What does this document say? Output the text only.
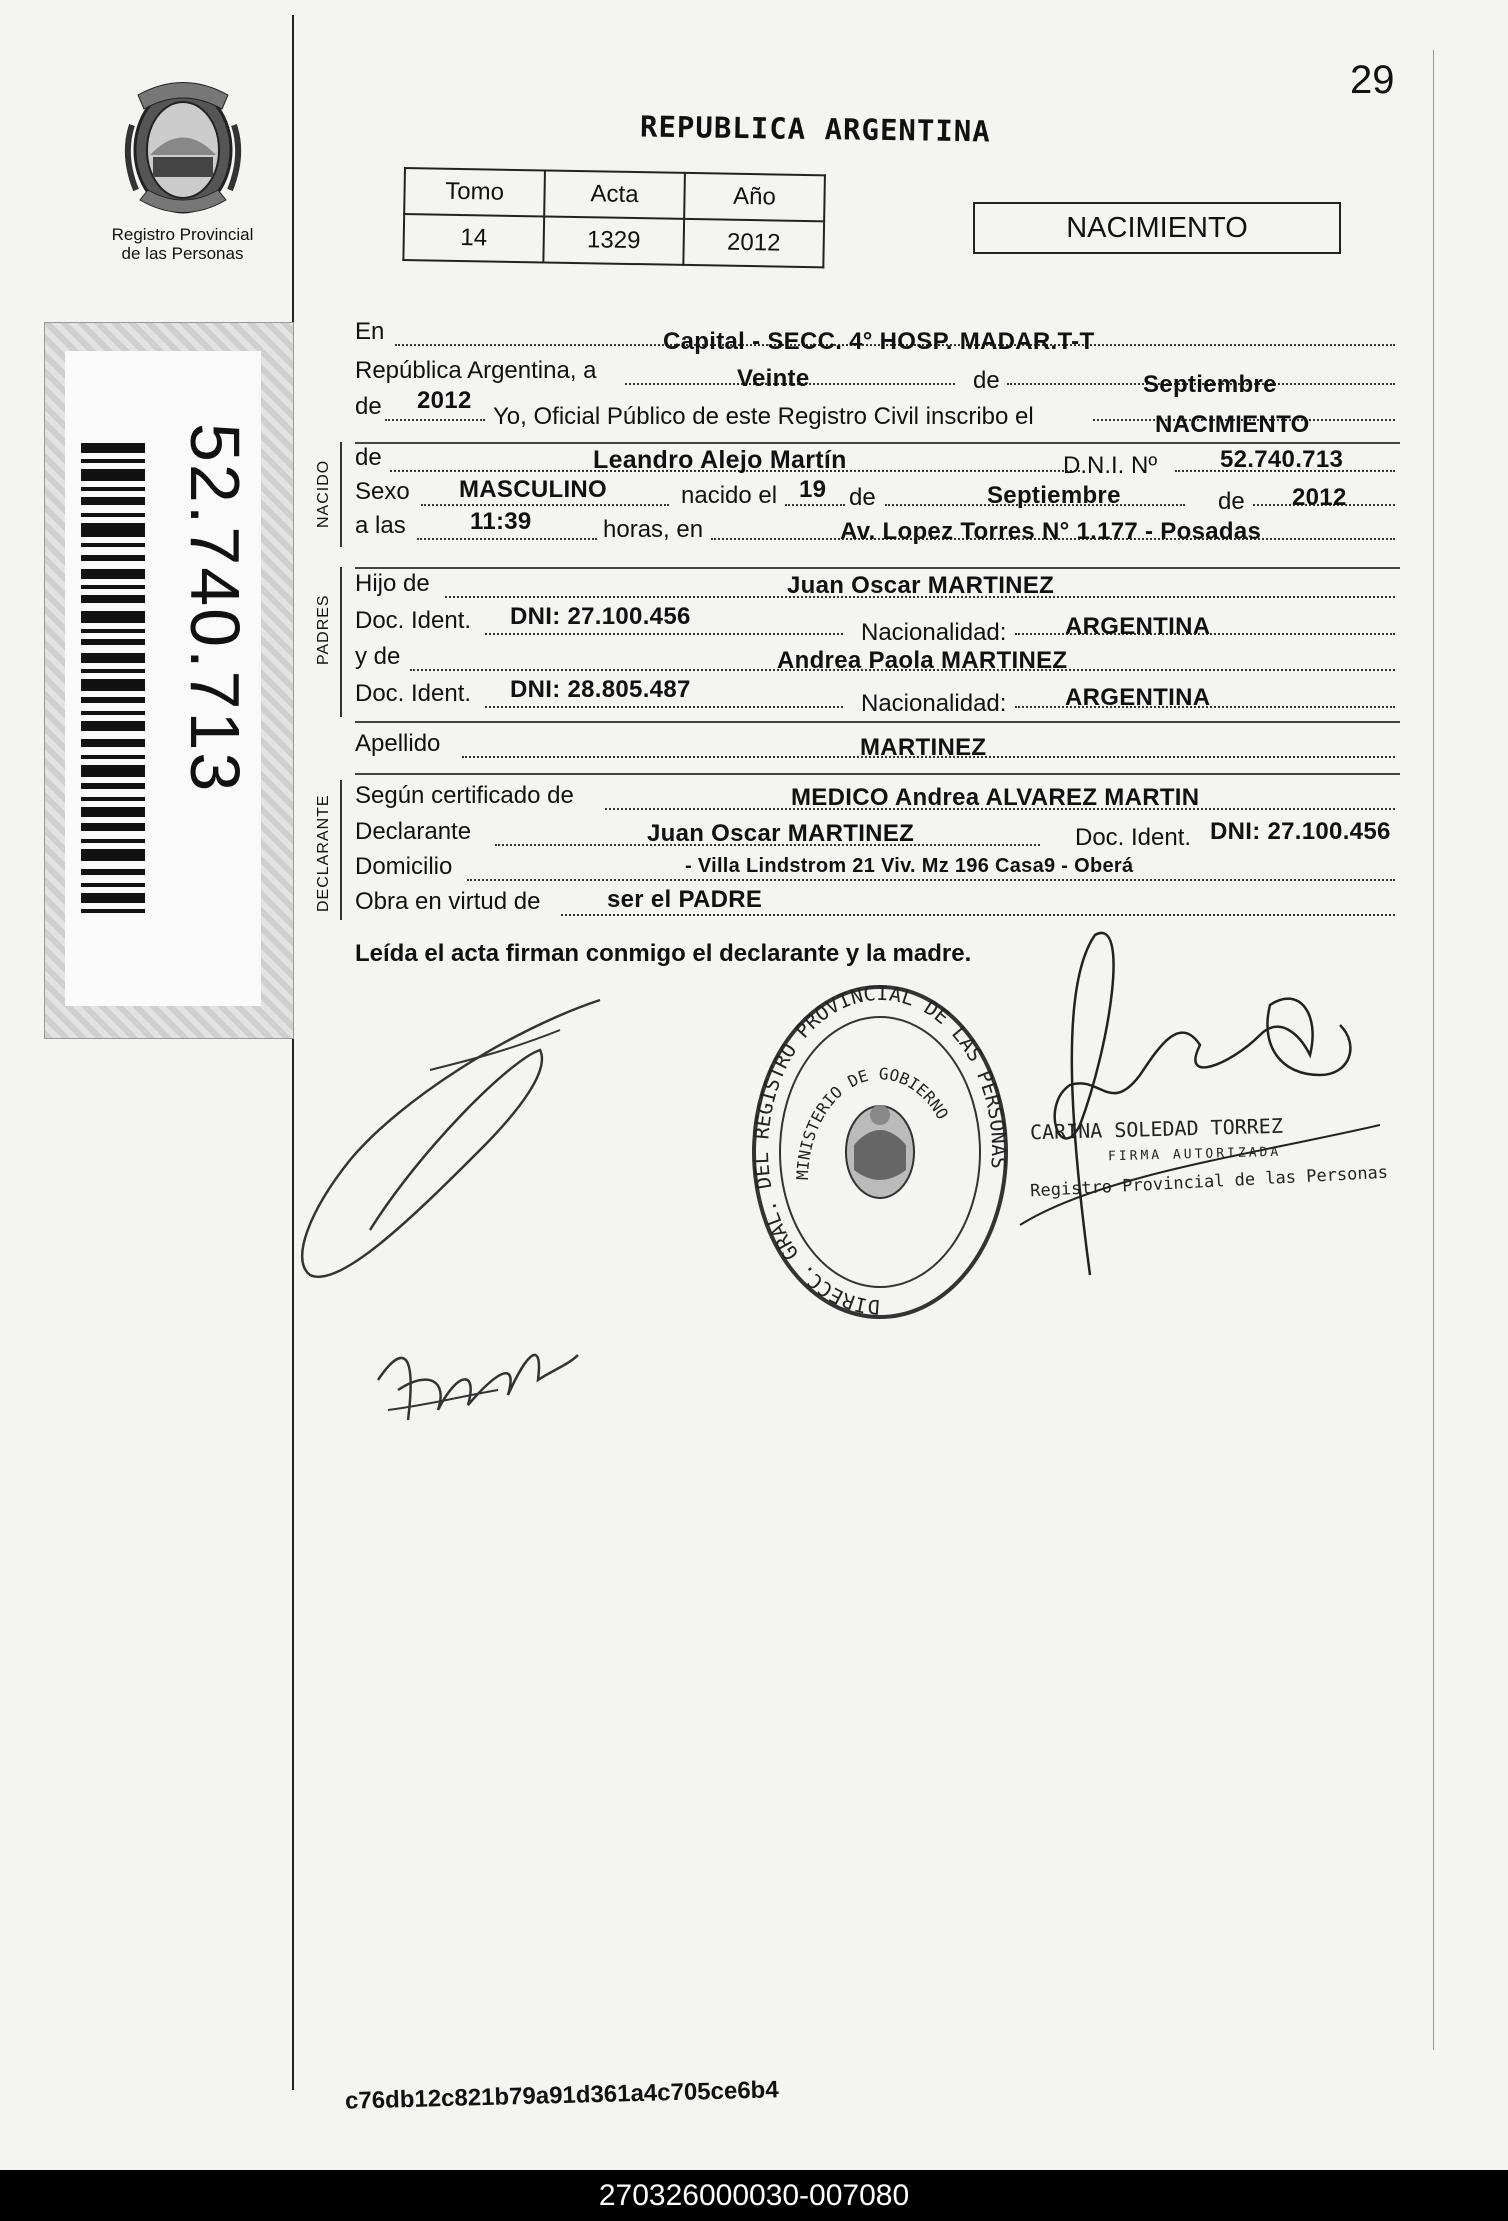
Registro Provincial
de las Personas
52.740.713
29
REPUBLICA ARGENTINA
Tomo	Acta	Año
14	1329	2012	NACIMIENTO
En	Capital - SECC. 4° HOSP. MADAR.T-T
República Argentina, a	Veinte	de	Septiembre
de 2012
Yo, Oficial Público de este Registro Civil inscribo el	NACIMIENTO
NACIDO
de	Leandro Alejo Martín	D.N.I. Nº	52.740.713
Sexo MASCULINO	nacido el 19 de	Septiembre	de 2012
a las	11:39	horas, en	Av. Lopez Torres N° 1.177 - Posadas
PADRES
Hijo de	Juan Oscar MARTINEZ
Doc. Ident. DNI: 27.100.456
Nacionalidad: ARGENTINA
y de	Andrea Paola MARTINEZ
Doc. Ident. DNI: 28.805.487
Nacionalidad: ARGENTINA
Apellido	MARTINEZ
DECLARANTE Según certificado de	MEDICO Andrea ALVAREZ MARTIN
Declarante	Juan Oscar MARTINEZ	Doc. Ident. DNI: 27.100.456
Domicilio	- Villa Lindstrom 21 Viv. Mz 196 Casa9 - Oberá
Obra en virtud de	ser el PADRE
Leída el acta firman conmigo el declarante y la madre.
DIRECC. GRAL. DEL REGISTRO PROVINCIAL DE LAS PERSONAS
MINISTERIO DE GOBIERNO	CARINA SOLEDAD TORREZ
FIRMA AUTORIZADA
Registro Provincial de las Personas
c76db12c821b79a91d361a4c705ce6b4
270326000030-007080
